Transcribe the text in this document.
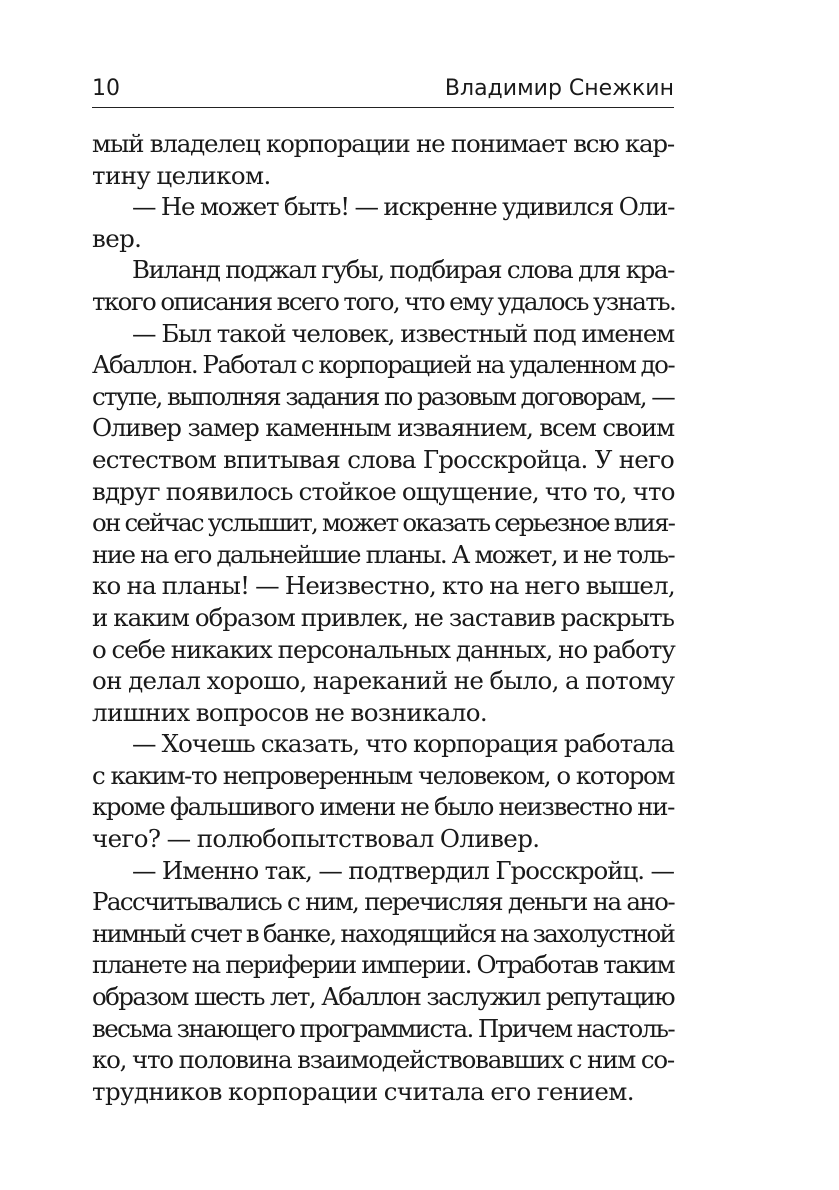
10	Владимир Снежкин
мый владелец корпорации не понимает всю кар-
тину целиком.
— Не может быть! — искренне удивился Оли-
вер.
Виланд поджал губы, подбирая слова для кра-
ткого описания всего того, что ему удалось узнать.
— Был такой человек, известный под именем
Абаллон. Работал с корпорацией на удаленном до-
ступе, выполняя задания по разовым договорам, —
Оливер замер каменным изваянием, всем своим
естеством впитывая слова Гросскройца. У него
вдруг появилось стойкое ощущение, что то, что
он сейчас услышит, может оказать серьезное влия-
ние на его дальнейшие планы. А может, и не толь-
ко на планы! — Неизвестно, кто на него вышел,
и каким образом привлек, не заставив раскрыть
о себе никаких персональных данных, но работу
он делал хорошо, нареканий не было, а потому
лишних вопросов не возникало.
— Хочешь сказать, что корпорация работала
с каким-то непроверенным человеком, о котором
кроме фальшивого имени не было неизвестно ни-
чего? — полюбопытствовал Оливер.
— Именно так, — подтвердил Гросскройц. —
Рассчитывались с ним, перечисляя деньги на ано-
нимный счет в банке, находящийся на захолустной
планете на периферии империи. Отработав таким
образом шесть лет, Абаллон заслужил репутацию
весьма знающего программиста. Причем настоль-
ко, что половина взаимодействовавших с ним со-
трудников корпорации считала его гением.
